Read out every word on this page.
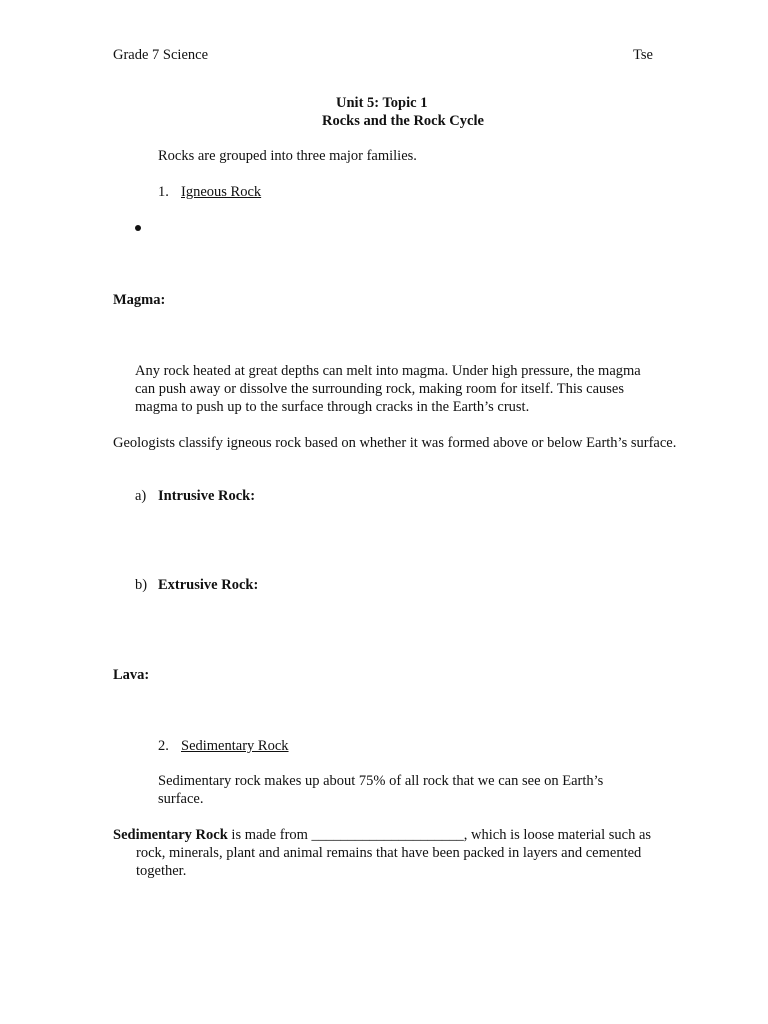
Grade 7 Science	Tse
Unit 5: Topic 1
Rocks and the Rock Cycle
Rocks are grouped into three major families.
1. Igneous Rock
Magma:
Any rock heated at great depths can melt into magma. Under high pressure, the magma can push away or dissolve the surrounding rock, making room for itself. This causes magma to push up to the surface through cracks in the Earth’s crust.
Geologists classify igneous rock based on whether it was formed above or below Earth’s surface.
a) Intrusive Rock:
b) Extrusive Rock:
Lava:
2. Sedimentary Rock
Sedimentary rock makes up about 75% of all rock that we can see on Earth’s surface.
Sedimentary Rock is made from _____________________, which is loose material such as rock, minerals, plant and animal remains that have been packed in layers and cemented together.
